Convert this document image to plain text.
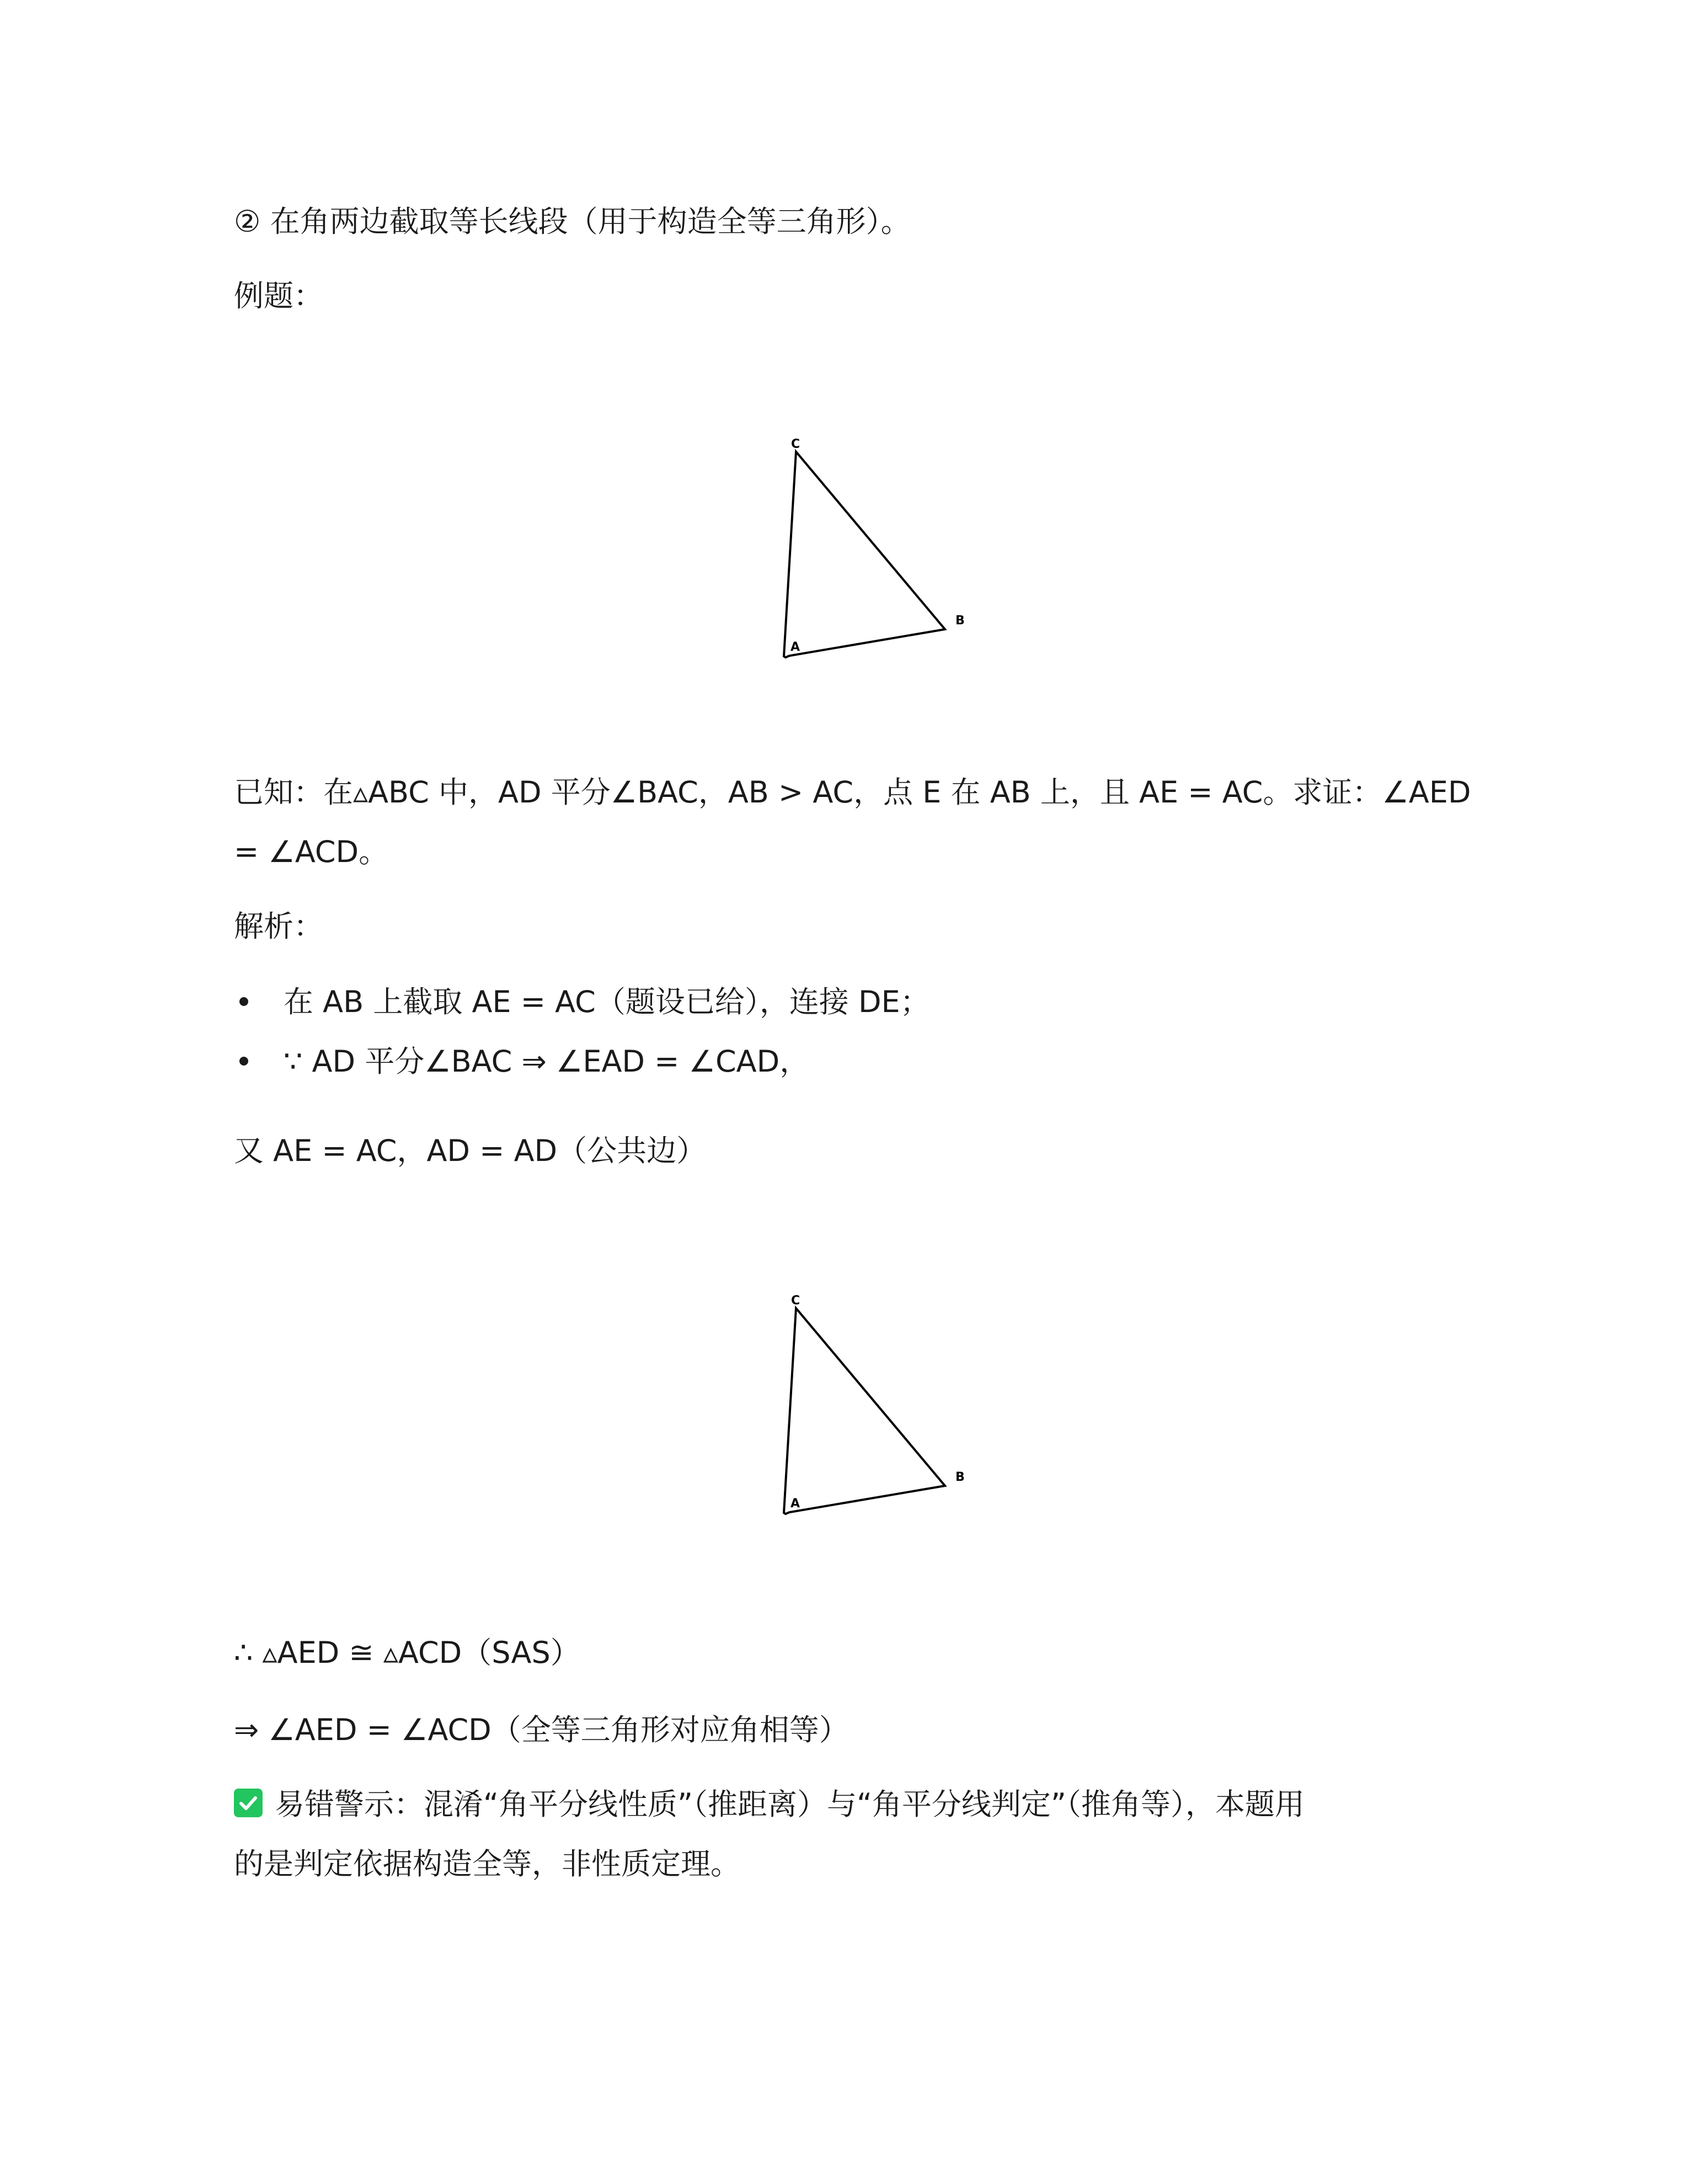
② 在角两边截取等长线段（用于构造全等三角形）。
例题：
A
B
C
已知：在▵ABC 中，AD 平分∠BAC，AB > AC，点 E 在 AB 上，且 AE = AC。求证：∠AED
= ∠ACD。
解析：
在 AB 上截取 AE = AC（题设已给），连接 DE；
∵ AD 平分∠BAC ⇒ ∠EAD = ∠CAD，
又 AE = AC，AD = AD（公共边）
A
B
C
∴ ▵AED ≅ ▵ACD（SAS）
⇒ ∠AED = ∠ACD（全等三角形对应角相等）
易错警示：混淆“角平分线性质”（推距离）与“角平分线判定”（推角等），本题用
的是判定依据构造全等，非性质定理。
